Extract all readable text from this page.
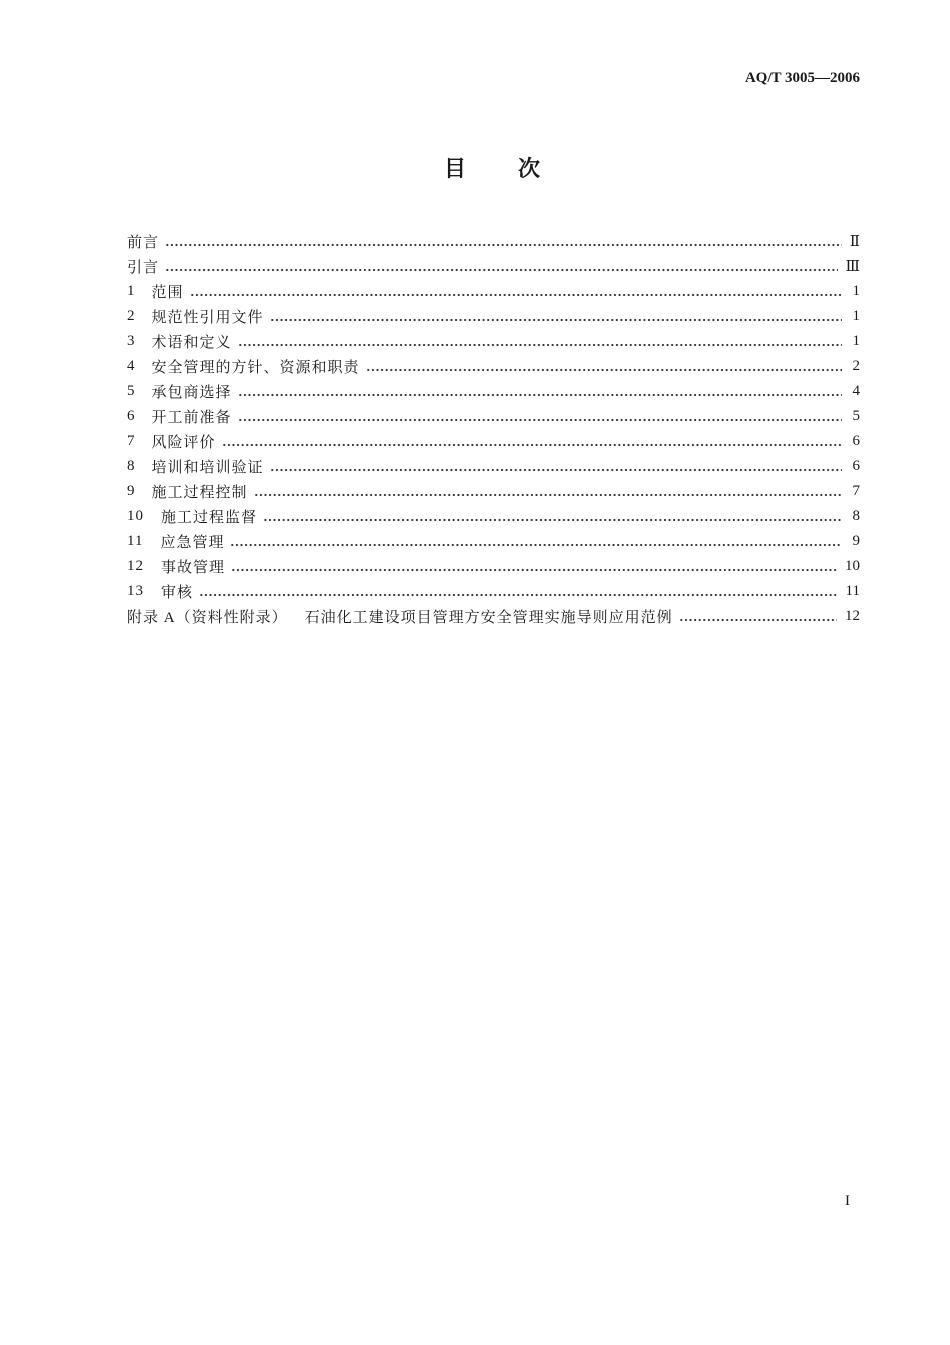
AQ/T 3005—2006
目　次
前言	Ⅱ
引言	Ⅲ
1 范围	1
2 规范性引用文件	1
3 术语和定义	1
4 安全管理的方针、资源和职责	2
5 承包商选择	4
6 开工前准备	5
7 风险评价	6
8 培训和培训验证	6
9 施工过程控制	7
10 施工过程监督	8
11 应急管理	9
12 事故管理	10
13 审核	11
附录 A（资料性附录） 石油化工建设项目管理方安全管理实施导则应用范例	12
I
